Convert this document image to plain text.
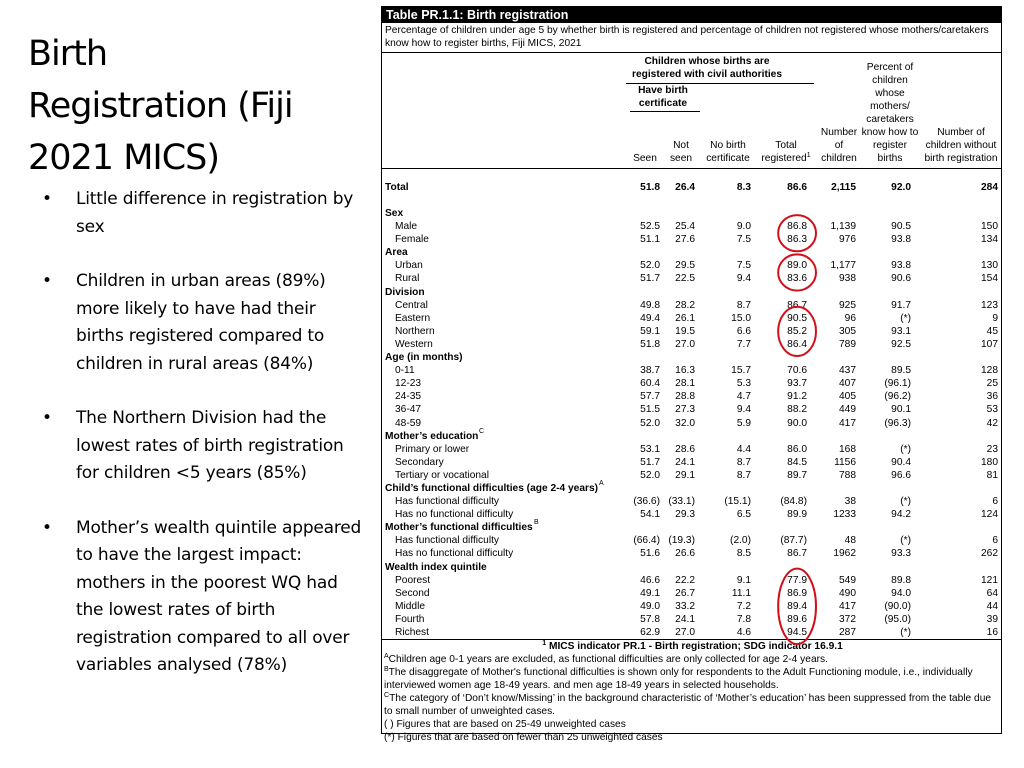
Birth
Registration (Fiji
2021 MICS)
• Little difference in registration by sex
• Children in urban areas (89%) more likely to have had their births registered compared to children in rural areas (84%)
• The Northern Division had the lowest rates of birth registration for children <5 years (85%)
• Mother’s wealth quintile appeared to have the largest impact: mothers in the poorest WQ had the lowest rates of birth registration compared to all over variables analysed (78%)
Table PR.1.1: Birth registration
Percentage of children under age 5 by whether birth is registered and percentage of children not registered whose mothers/caretakers know how to register births, Fiji MICS, 2021
Children whose births are registered with civil authorities
Have birth certificate
Seen
Not seen
No birth certificate
Total registered$^1$
Number of children
Percent of children whose mothers/ caretakers know how to register births
Number of children without birth registration
Total	51.8 26.4	8.3	86.6 2,115	92.0	284
Sex
Male	52.5 25.4	9.0	86.8 1,139	90.5	150
Female	51.1 27.6	7.5	86.3	976	93.8	134
Area
Urban	52.0 29.5	7.5	89.0 1,177	93.8	130
Rural	51.7 22.5	9.4	83.6	938	90.6	154
Division
Central	49.8 28.2	8.7	86.7	925	91.7	123
Eastern	49.4 26.1	15.0	90.5	96	(*)	9
Northern	59.1 19.5	6.6	85.2	305	93.1	45
Western	51.8 27.0	7.7	86.4	789	92.5	107
Age (in months)
0-11	38.7 16.3	15.7	70.6	437	89.5	128
12-23	60.4 28.1	5.3	93.7	407	(96.1)	25
24-35	57.7 28.8	4.7	91.2	405	(96.2)	36
36-47	51.5 27.3	9.4	88.2	449	90.1	53
48-59	52.0 32.0	5.9	90.0	417	(96.3)	42
Mother’s education C
Primary or lower	53.1 28.6	4.4	86.0	168	(*)	23
Secondary	51.7 24.1	8.7	84.5	1156	90.4	180
Tertiary or vocational	52.0 29.1	8.7	89.7	788	96.6	81
Child’s functional difficulties (age 2-4 years) A
Has functional difficulty	(36.6) (33.1)	(15.1)	(84.8)	38	(*)	6
Has no functional difficulty	54.1 29.3	6.5	89.9	1233	94.2	124
Mother’s functional difficulties B
Has functional difficulty	(66.4) (19.3)	(2.0)	(87.7)	48	(*)	6
Has no functional difficulty	51.6 26.6	8.5	86.7	1962	93.3	262
Wealth index quintile
Poorest	46.6 22.2	9.1	77.9	549	89.8	121
Second	49.1 26.7	11.1	86.9	490	94.0	64
Middle	49.0 33.2	7.2	89.4	417	(90.0)	44
Fourth	57.8 24.1	7.8	89.6	372	(95.0)	39
Richest	62.9 27.0	4.6	94.5	287	(*)	16
$^1$ MICS indicator PR.1 - Birth registration; SDG indicator 16.9.1
$^A$Children age 0-1 years are excluded, as functional difficulties are only collected for age 2-4 years.
$^B$The disaggregate of Mother's functional difficulties is shown only for respondents to the Adult Functioning module, i.e., individually interviewed women age 18-49 years. and men age 18-49 years in selected households.
$^C$The category of ‘Don’t know/Missing’ in the background characteristic of ‘Mother’s education’ has been suppressed from the table due to small number of unweighted cases.
( ) Figures that are based on 25-49 unweighted cases
(*) Figures that are based on fewer than 25 unweighted cases
